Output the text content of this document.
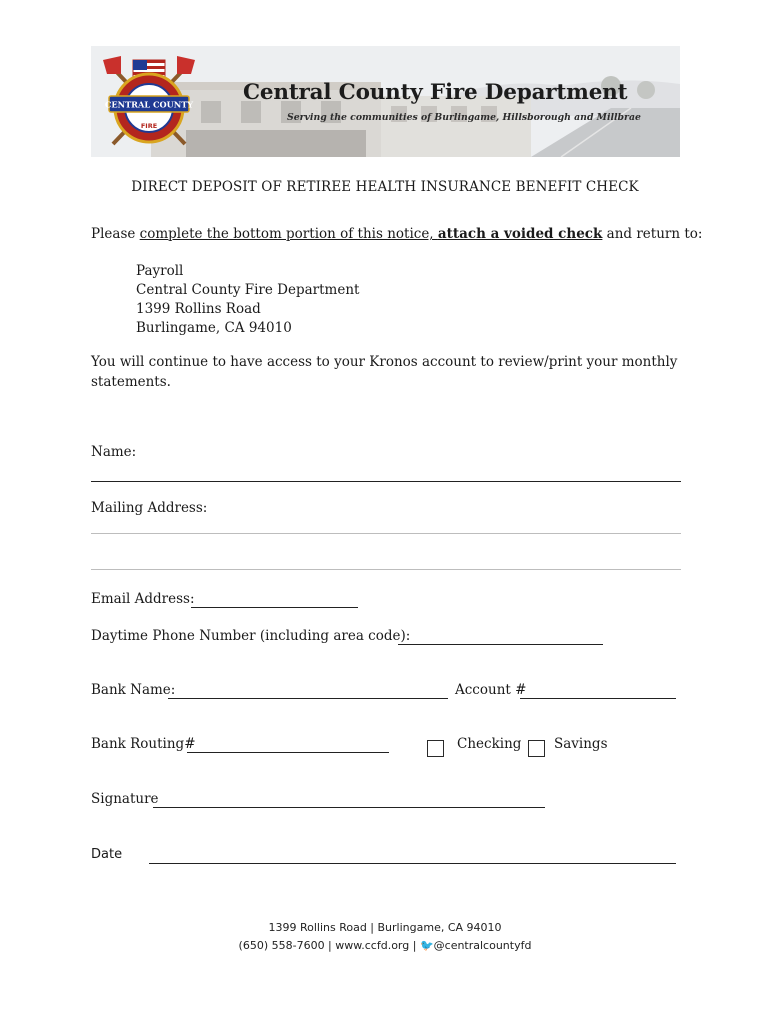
CENTRAL COUNTY
FIRE
Central County Fire Department
Serving the communities of Burlingame, Hillsborough and Millbrae
DIRECT DEPOSIT OF RETIREE HEALTH INSURANCE BENEFIT CHECK
Please complete the bottom portion of this notice, attach a voided check and return to:
Payroll
Central County Fire Department
1399 Rollins Road
Burlingame, CA 94010
You will continue to have access to your Kronos account to review/print your monthly statements.
Name:
Mailing Address:
Email Address:
Daytime Phone Number (including area code):
Bank Name:	Account #
Bank Routing#	Checking Savings
Signature
Date
1399 Rollins Road | Burlingame, CA 94010
(650) 558-7600 | www.ccfd.org | 🐦@centralcountyfd
